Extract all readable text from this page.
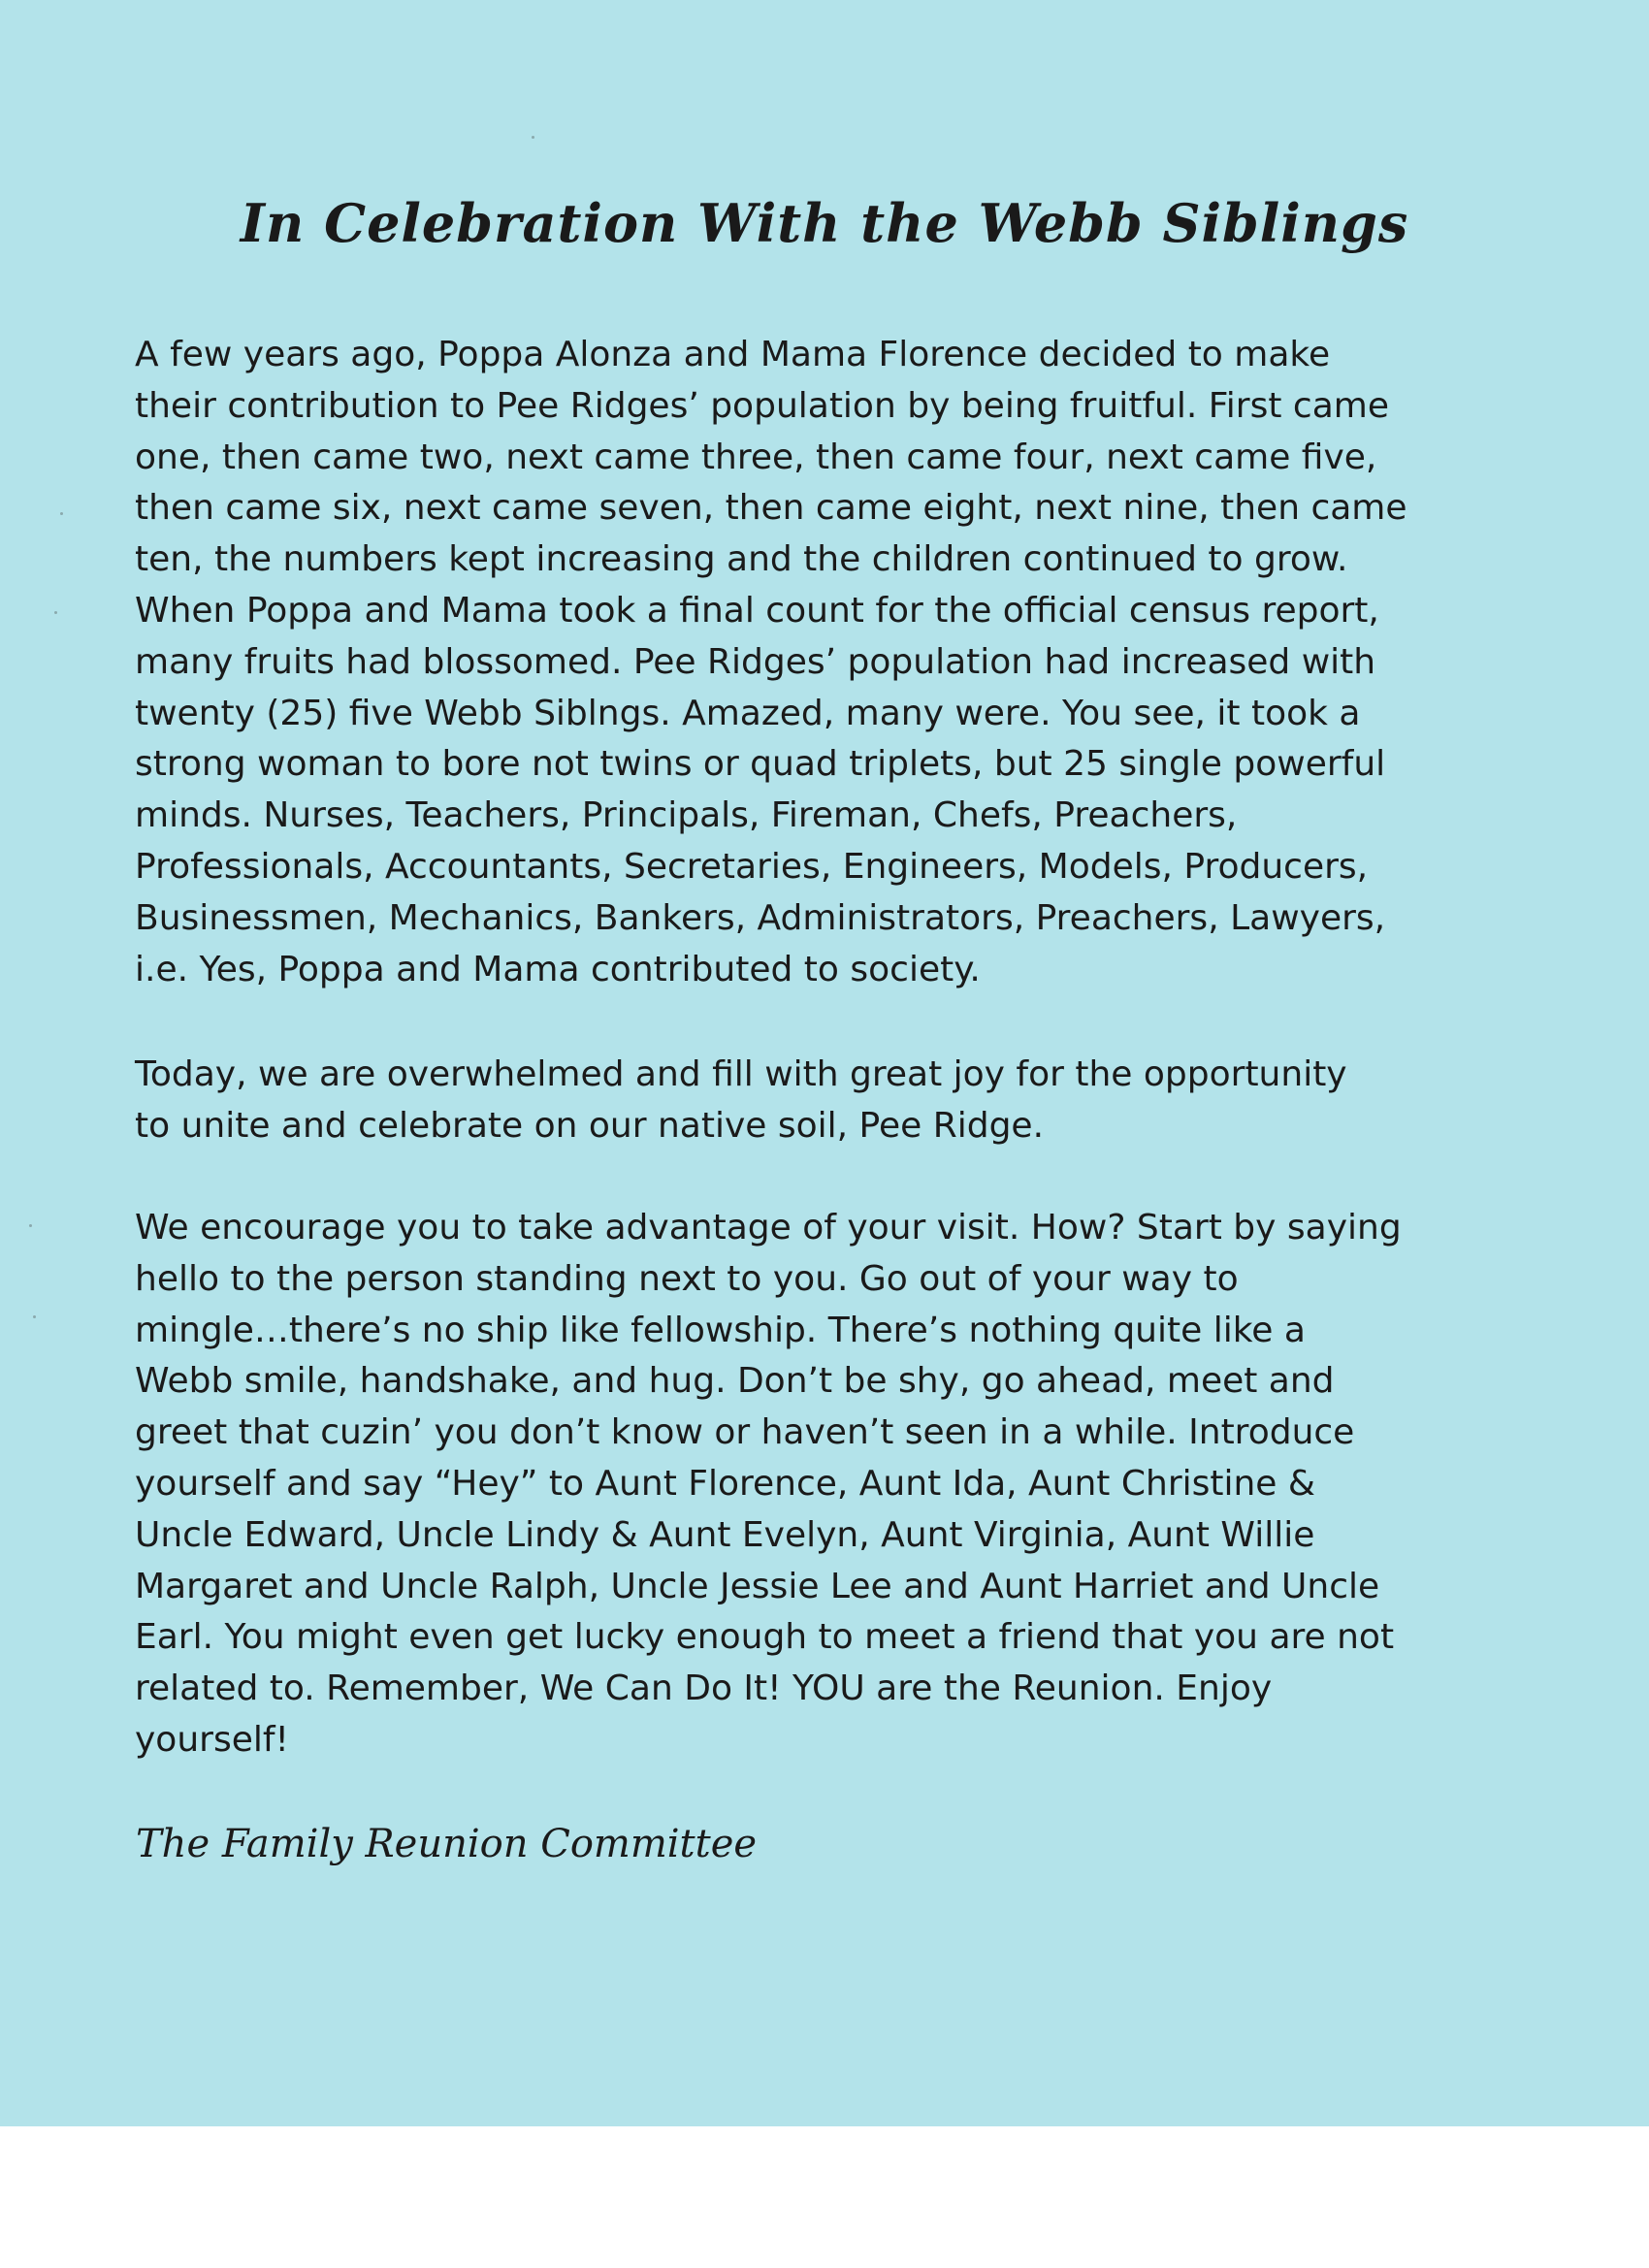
In Celebration With the Webb Siblings

A few years ago, Poppa Alonza and Mama Florence decided to make
their contribution to Pee Ridges’ population by being fruitful. First came
one, then came two, next came three, then came four, next came five,
then came six, next came seven, then came eight, next nine, then came
ten, the numbers kept increasing and the children continued to grow.
When Poppa and Mama took a final count for the official census report,
many fruits had blossomed. Pee Ridges’ population had increased with
twenty (25) five Webb Siblngs. Amazed, many were. You see, it took a
strong woman to bore not twins or quad triplets, but 25 single powerful
minds. Nurses, Teachers, Principals, Fireman, Chefs, Preachers,
Professionals, Accountants, Secretaries, Engineers, Models, Producers,
Businessmen, Mechanics, Bankers, Administrators, Preachers, Lawyers,
i.e. Yes, Poppa and Mama contributed to society.

Today, we are overwhelmed and fill with great joy for the opportunity
to unite and celebrate on our native soil, Pee Ridge.

We encourage you to take advantage of your visit. How? Start by saying
hello to the person standing next to you. Go out of your way to
mingle…there’s no ship like fellowship. There’s nothing quite like a
Webb smile, handshake, and hug. Don’t be shy, go ahead, meet and
greet that cuzin’ you don’t know or haven’t seen in a while. Introduce
yourself and say “Hey” to Aunt Florence, Aunt Ida, Aunt Christine &
Uncle Edward, Uncle Lindy & Aunt Evelyn, Aunt Virginia, Aunt Willie
Margaret and Uncle Ralph, Uncle Jessie Lee and Aunt Harriet and Uncle
Earl. You might even get lucky enough to meet a friend that you are not
related to. Remember, We Can Do It! YOU are the Reunion. Enjoy
yourself!

The Family Reunion Committee
